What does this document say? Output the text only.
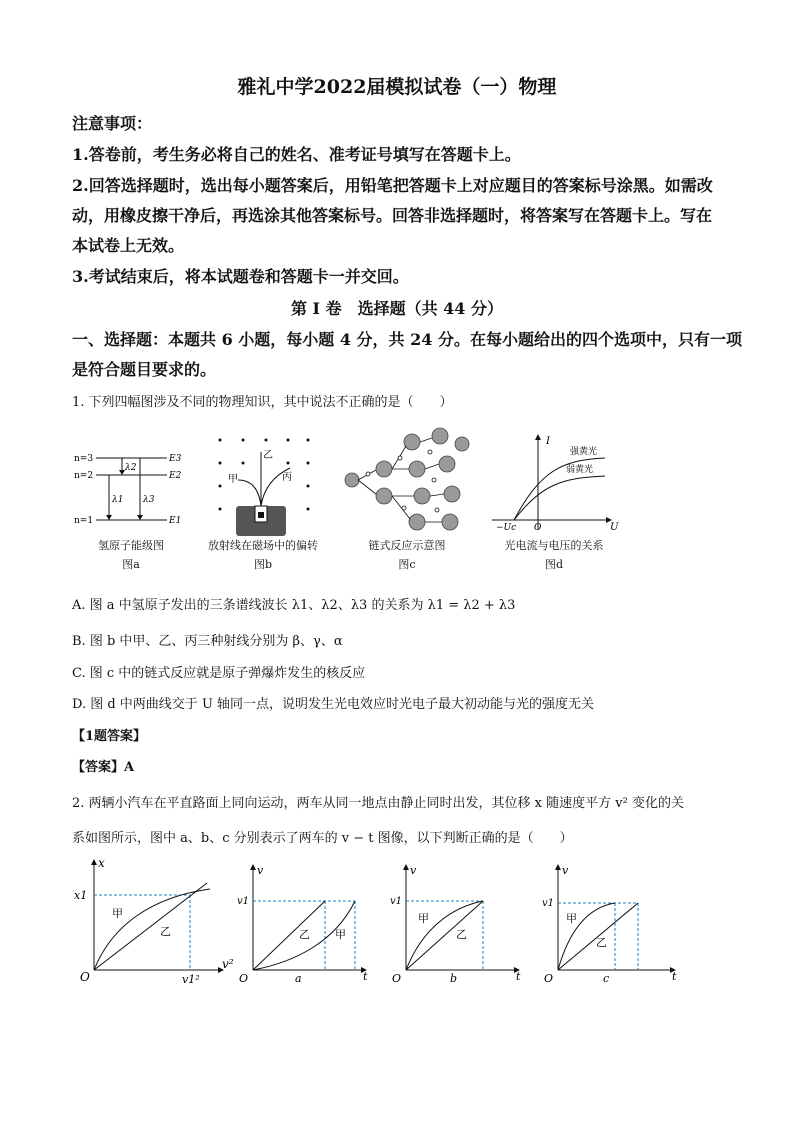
雅礼中学2022届模拟试卷（一）物理
注意事项：
1.答卷前，考生务必将自己的姓名、准考证号填写在答题卡上。
2.回答选择题时，选出每小题答案后，用铅笔把答题卡上对应题目的答案标号涂黑。如需改
动，用橡皮擦干净后，再选涂其他答案标号。回答非选择题时，将答案写在答题卡上。写在
本试卷上无效。
3.考试结束后，将本试题卷和答题卡一并交回。
第 I 卷　选择题（共 44 分）
一、选择题：本题共 6 小题，每小题 4 分，共 24 分。在每小题给出的四个选项中，只有一项
是符合题目要求的。
1. 下列四幅图涉及不同的物理知识，其中说法不正确的是（　　）
n=3
n=2
n=1
E3
E2
E1
λ2
λ1 λ3
氢原子能级图
图a
甲
乙
丙
放射线在磁场中的偏转
图b
链式反应示意图
图c
U
I
O
−Uc
强黄光
弱黄光
光电流与电压的关系
图d
A. 图 a 中氢原子发出的三条谱线波长 λ1、λ2、λ3 的关系为 λ1 = λ2 + λ3
B. 图 b 中甲、乙、丙三种射线分别为 β、γ、α
C. 图 c 中的链式反应就是原子弹爆炸发生的核反应
D. 图 d 中两曲线交于 U 轴同一点，说明发生光电效应时光电子最大初动能与光的强度无关
【1题答案】
【答案】A
2. 两辆小汽车在平直路面上同向运动，两车从同一地点由静止同时出发，其位移 x 随速度平方 v² 变化的关
系如图所示，图中 a、b、c 分别表示了两车的 v − t 图像，以下判断正确的是（　　）
x
v²
O
x1
v1²
甲
乙
v
t
O
v1
乙 甲
a
v
t
O
v1
甲
乙
b
v
t
O
v1
甲
乙
c
